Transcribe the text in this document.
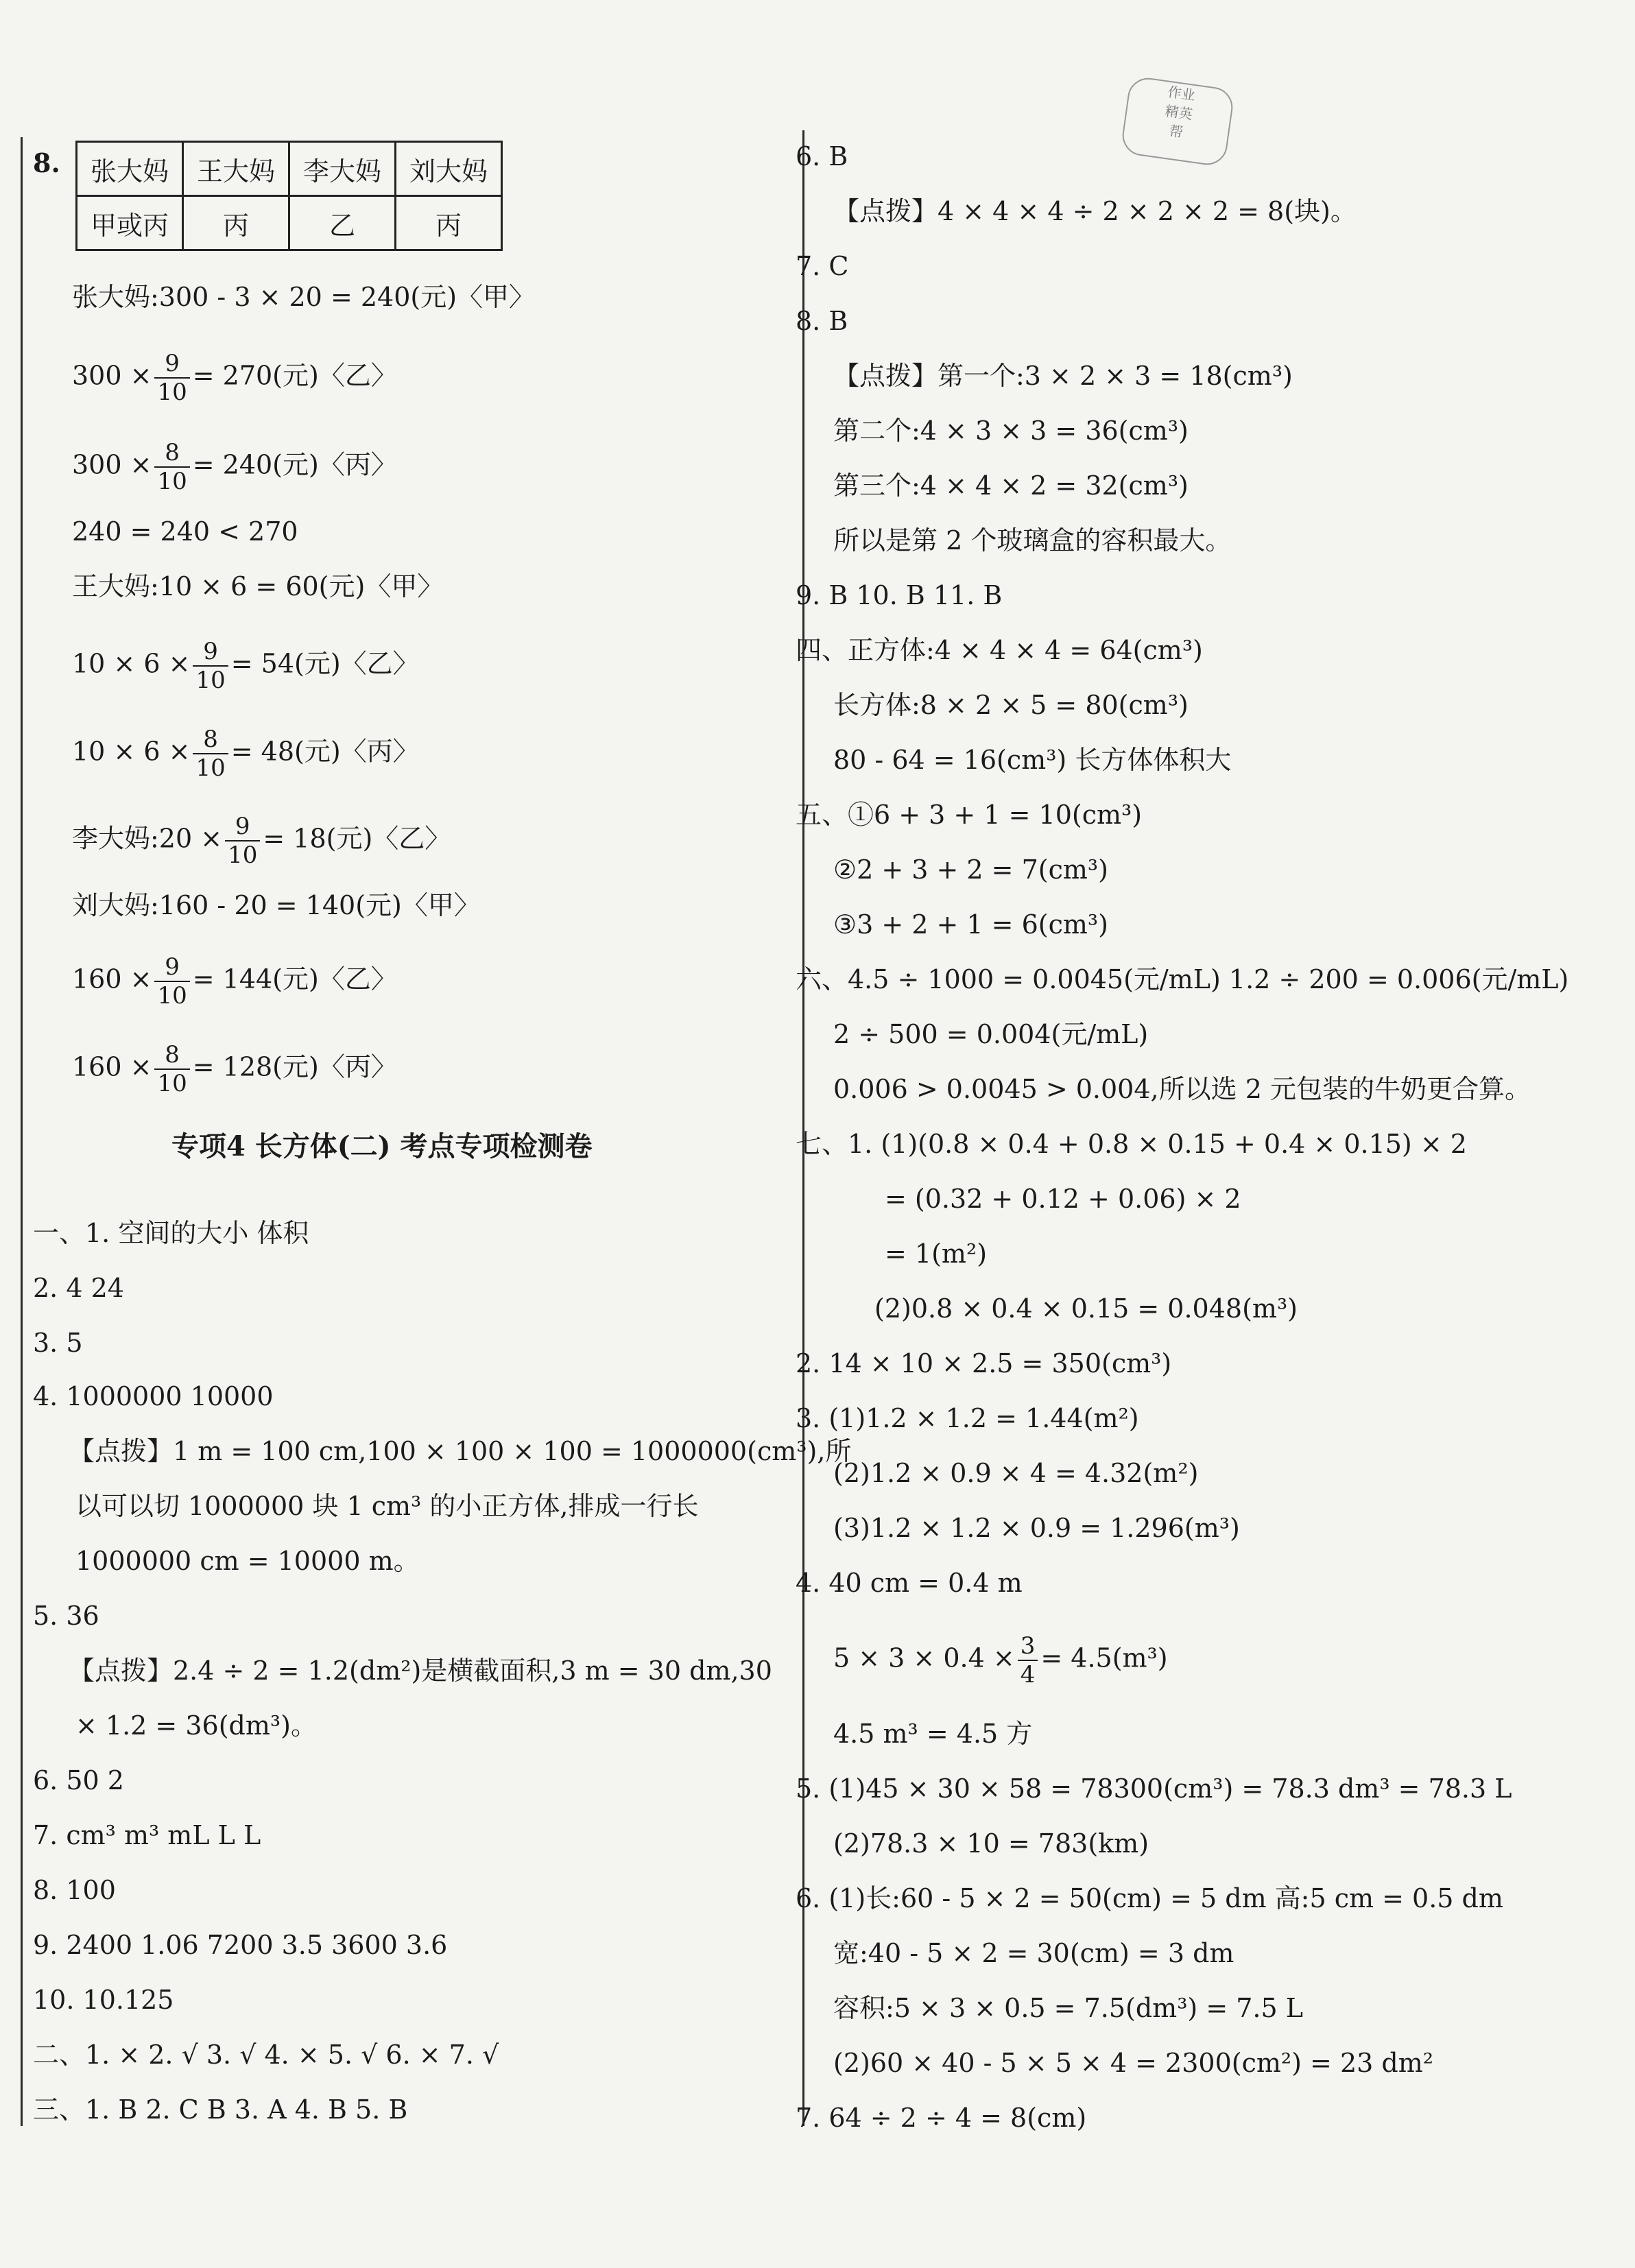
作业
精英
帮
8. 张大妈	王大妈	李大妈	刘大妈
甲或丙	丙	乙	丙
张大妈:300 - 3 × 20 = 240(元)〈甲〉
$300 \times \frac{9}{10} = 270$(元)〈乙〉
$300 \times \frac{8}{10} = 240$(元)〈丙〉
240 = 240 < 270
王大妈:10 × 6 = 60(元)〈甲〉
$10 \times 6 \times \frac{9}{10} = 54$(元)〈乙〉
$10 \times 6 \times \frac{8}{10} = 48$(元)〈丙〉
李大妈:20 × $\frac{9}{10} = 18$(元)〈乙〉
刘大妈:160 - 20 = 140(元)〈甲〉
$160 \times \frac{9}{10} = 144$(元)〈乙〉
$160 \times \frac{8}{10} = 128$(元)〈丙〉
专项4 长方体(二) 考点专项检测卷
一、1. 空间的大小 体积
2. 4 24
3. 5
4. 1000000 10000
【点拨】1 m = 100 cm,100 × 100 × 100 = 1000000(cm³),所
以可以切 1000000 块 1 cm³ 的小正方体,排成一行长
1000000 cm = 10000 m。
5. 36
【点拨】2.4 ÷ 2 = 1.2(dm²)是横截面积,3 m = 30 dm,30
× 1.2 = 36(dm³)。
6. 50 2
7. cm³ m³ mL L L
8. 100
9. 2400 1.06 7200 3.5 3600 3.6
10. 10.125
二、1. × 2. √ 3. √ 4. × 5. √ 6. × 7. √
三、1. B 2. C B 3. A 4. B 5. B
6. B
【点拨】4 × 4 × 4 ÷ 2 × 2 × 2 = 8(块)。
7. C
8. B
【点拨】第一个:3 × 2 × 3 = 18(cm³)
第二个:4 × 3 × 3 = 36(cm³)
第三个:4 × 4 × 2 = 32(cm³)
所以是第 2 个玻璃盒的容积最大。
9. B 10. B 11. B
四、正方体:4 × 4 × 4 = 64(cm³)
长方体:8 × 2 × 5 = 80(cm³)
80 - 64 = 16(cm³) 长方体体积大
五、①6 + 3 + 1 = 10(cm³)
②2 + 3 + 2 = 7(cm³)
③3 + 2 + 1 = 6(cm³)
六、4.5 ÷ 1000 = 0.0045(元/mL) 1.2 ÷ 200 = 0.006(元/mL)
2 ÷ 500 = 0.004(元/mL)
0.006 > 0.0045 > 0.004,所以选 2 元包装的牛奶更合算。
七、1. (1)(0.8 × 0.4 + 0.8 × 0.15 + 0.4 × 0.15) × 2
= (0.32 + 0.12 + 0.06) × 2
= 1(m²)
(2)0.8 × 0.4 × 0.15 = 0.048(m³)
2. 14 × 10 × 2.5 = 350(cm³)
3. (1)1.2 × 1.2 = 1.44(m²)
(2)1.2 × 0.9 × 4 = 4.32(m²)
(3)1.2 × 1.2 × 0.9 = 1.296(m³)
4. 40 cm = 0.4 m
$5 \times 3 \times 0.4 \times \frac{3}{4} = 4.5(m^3)$
4.5 m³ = 4.5 方
5. (1)45 × 30 × 58 = 78300(cm³) = 78.3 dm³ = 78.3 L
(2)78.3 × 10 = 783(km)
6. (1)长:60 - 5 × 2 = 50(cm) = 5 dm 高:5 cm = 0.5 dm
宽:40 - 5 × 2 = 30(cm) = 3 dm
容积:5 × 3 × 0.5 = 7.5(dm³) = 7.5 L
(2)60 × 40 - 5 × 5 × 4 = 2300(cm²) = 23 dm²
7. 64 ÷ 2 ÷ 4 = 8(cm)
